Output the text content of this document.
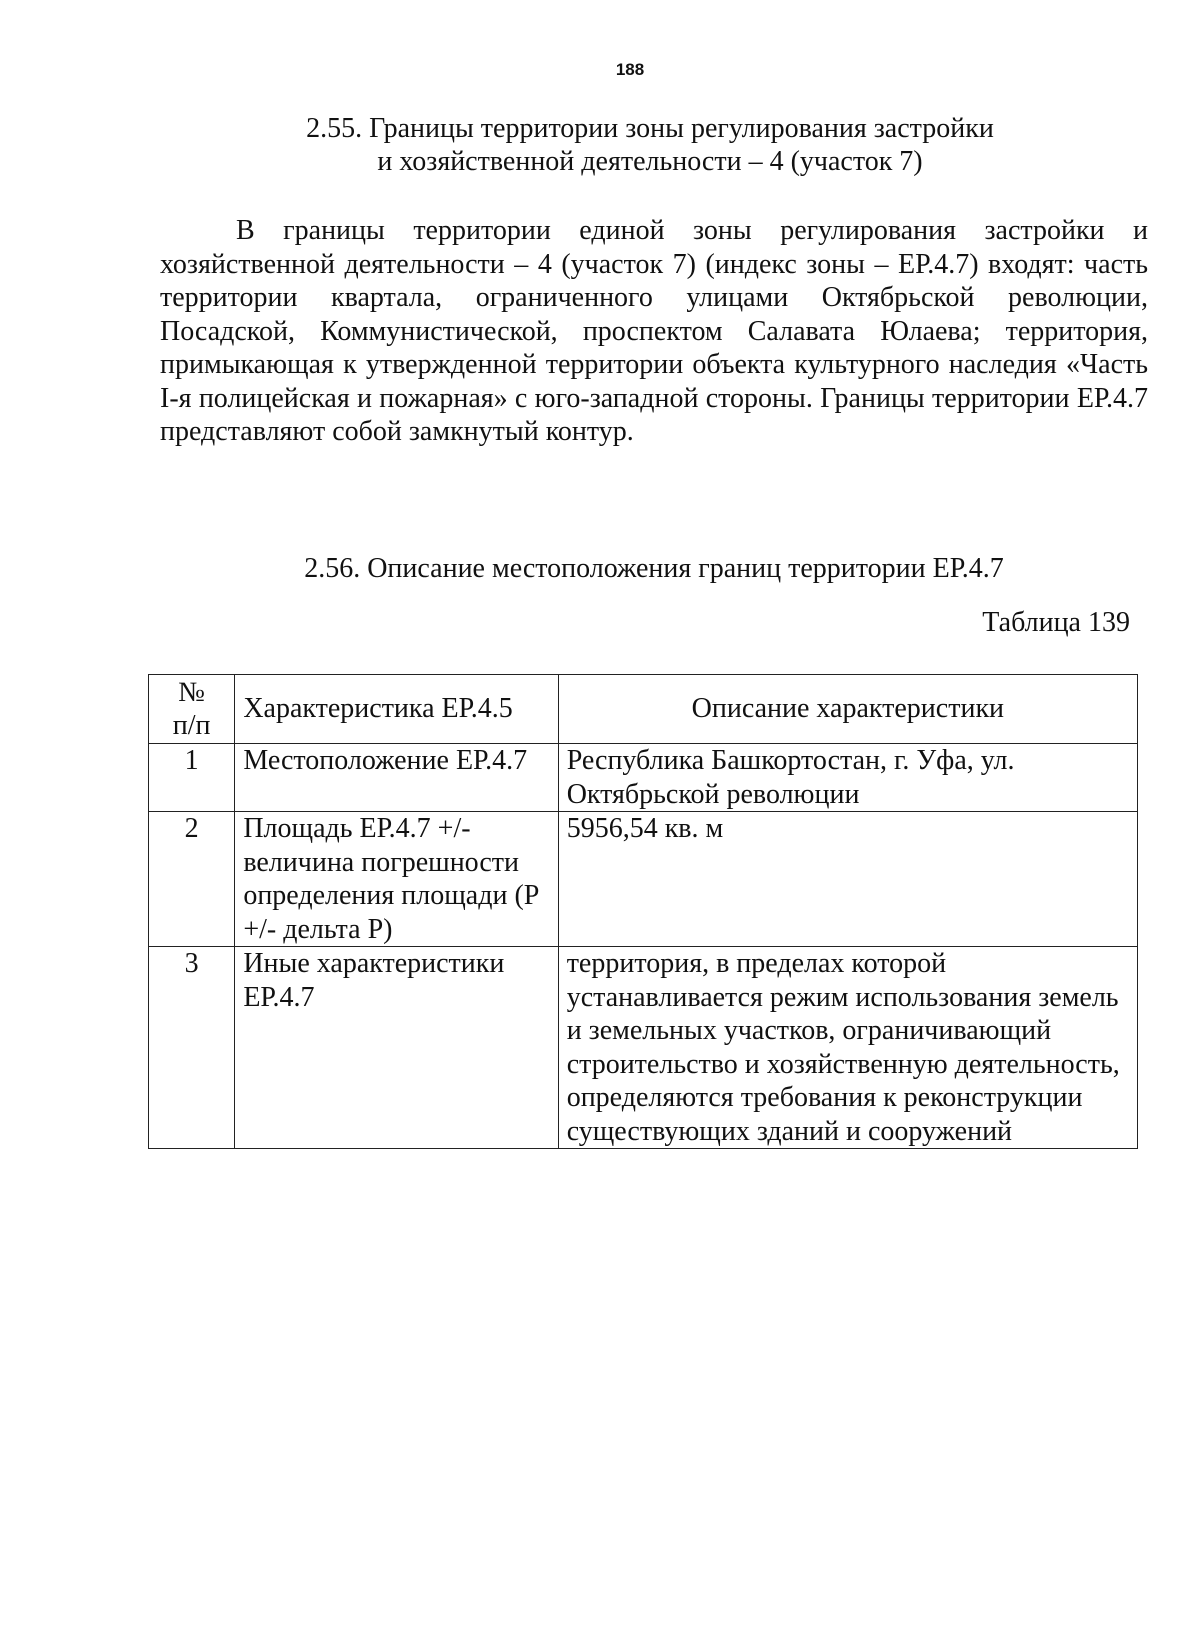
188
2.55. Границы территории зоны регулирования застройки
и хозяйственной деятельности – 4 (участок 7)

В границы территории единой зоны регулирования застройки и хозяйственной деятельности – 4 (участок 7) (индекс зоны – ЕР.4.7) входят: часть территории квартала, ограниченного улицами Октябрьской революции, Посадской, Коммунистической, проспектом Салавата Юлаева; территория, примыкающая к утвержденной территории объекта культурного наследия «Часть I-я полицейская и пожарная» с юго-западной стороны. Границы территории ЕР.4.7 представляют собой замкнутый контур.

2.56. Описание местоположения границ территории ЕР.4.7
Таблица 139
№
п/п	Характеристика ЕР.4.5	Описание характеристики
1	Местоположение ЕР.4.7	Республика Башкортостан, г. Уфа, ул. Октябрьской революции
2	Площадь ЕР.4.7 +/- величина погрешности определения площади (Р +/- дельта Р)	5956,54 кв. м
3	Иные характеристики ЕР.4.7	территория, в пределах которой устанавливается режим использования земель и земельных участков, ограничивающий строительство и хозяйственную деятельность, определяются требования к реконструкции существующих зданий и сооружений
